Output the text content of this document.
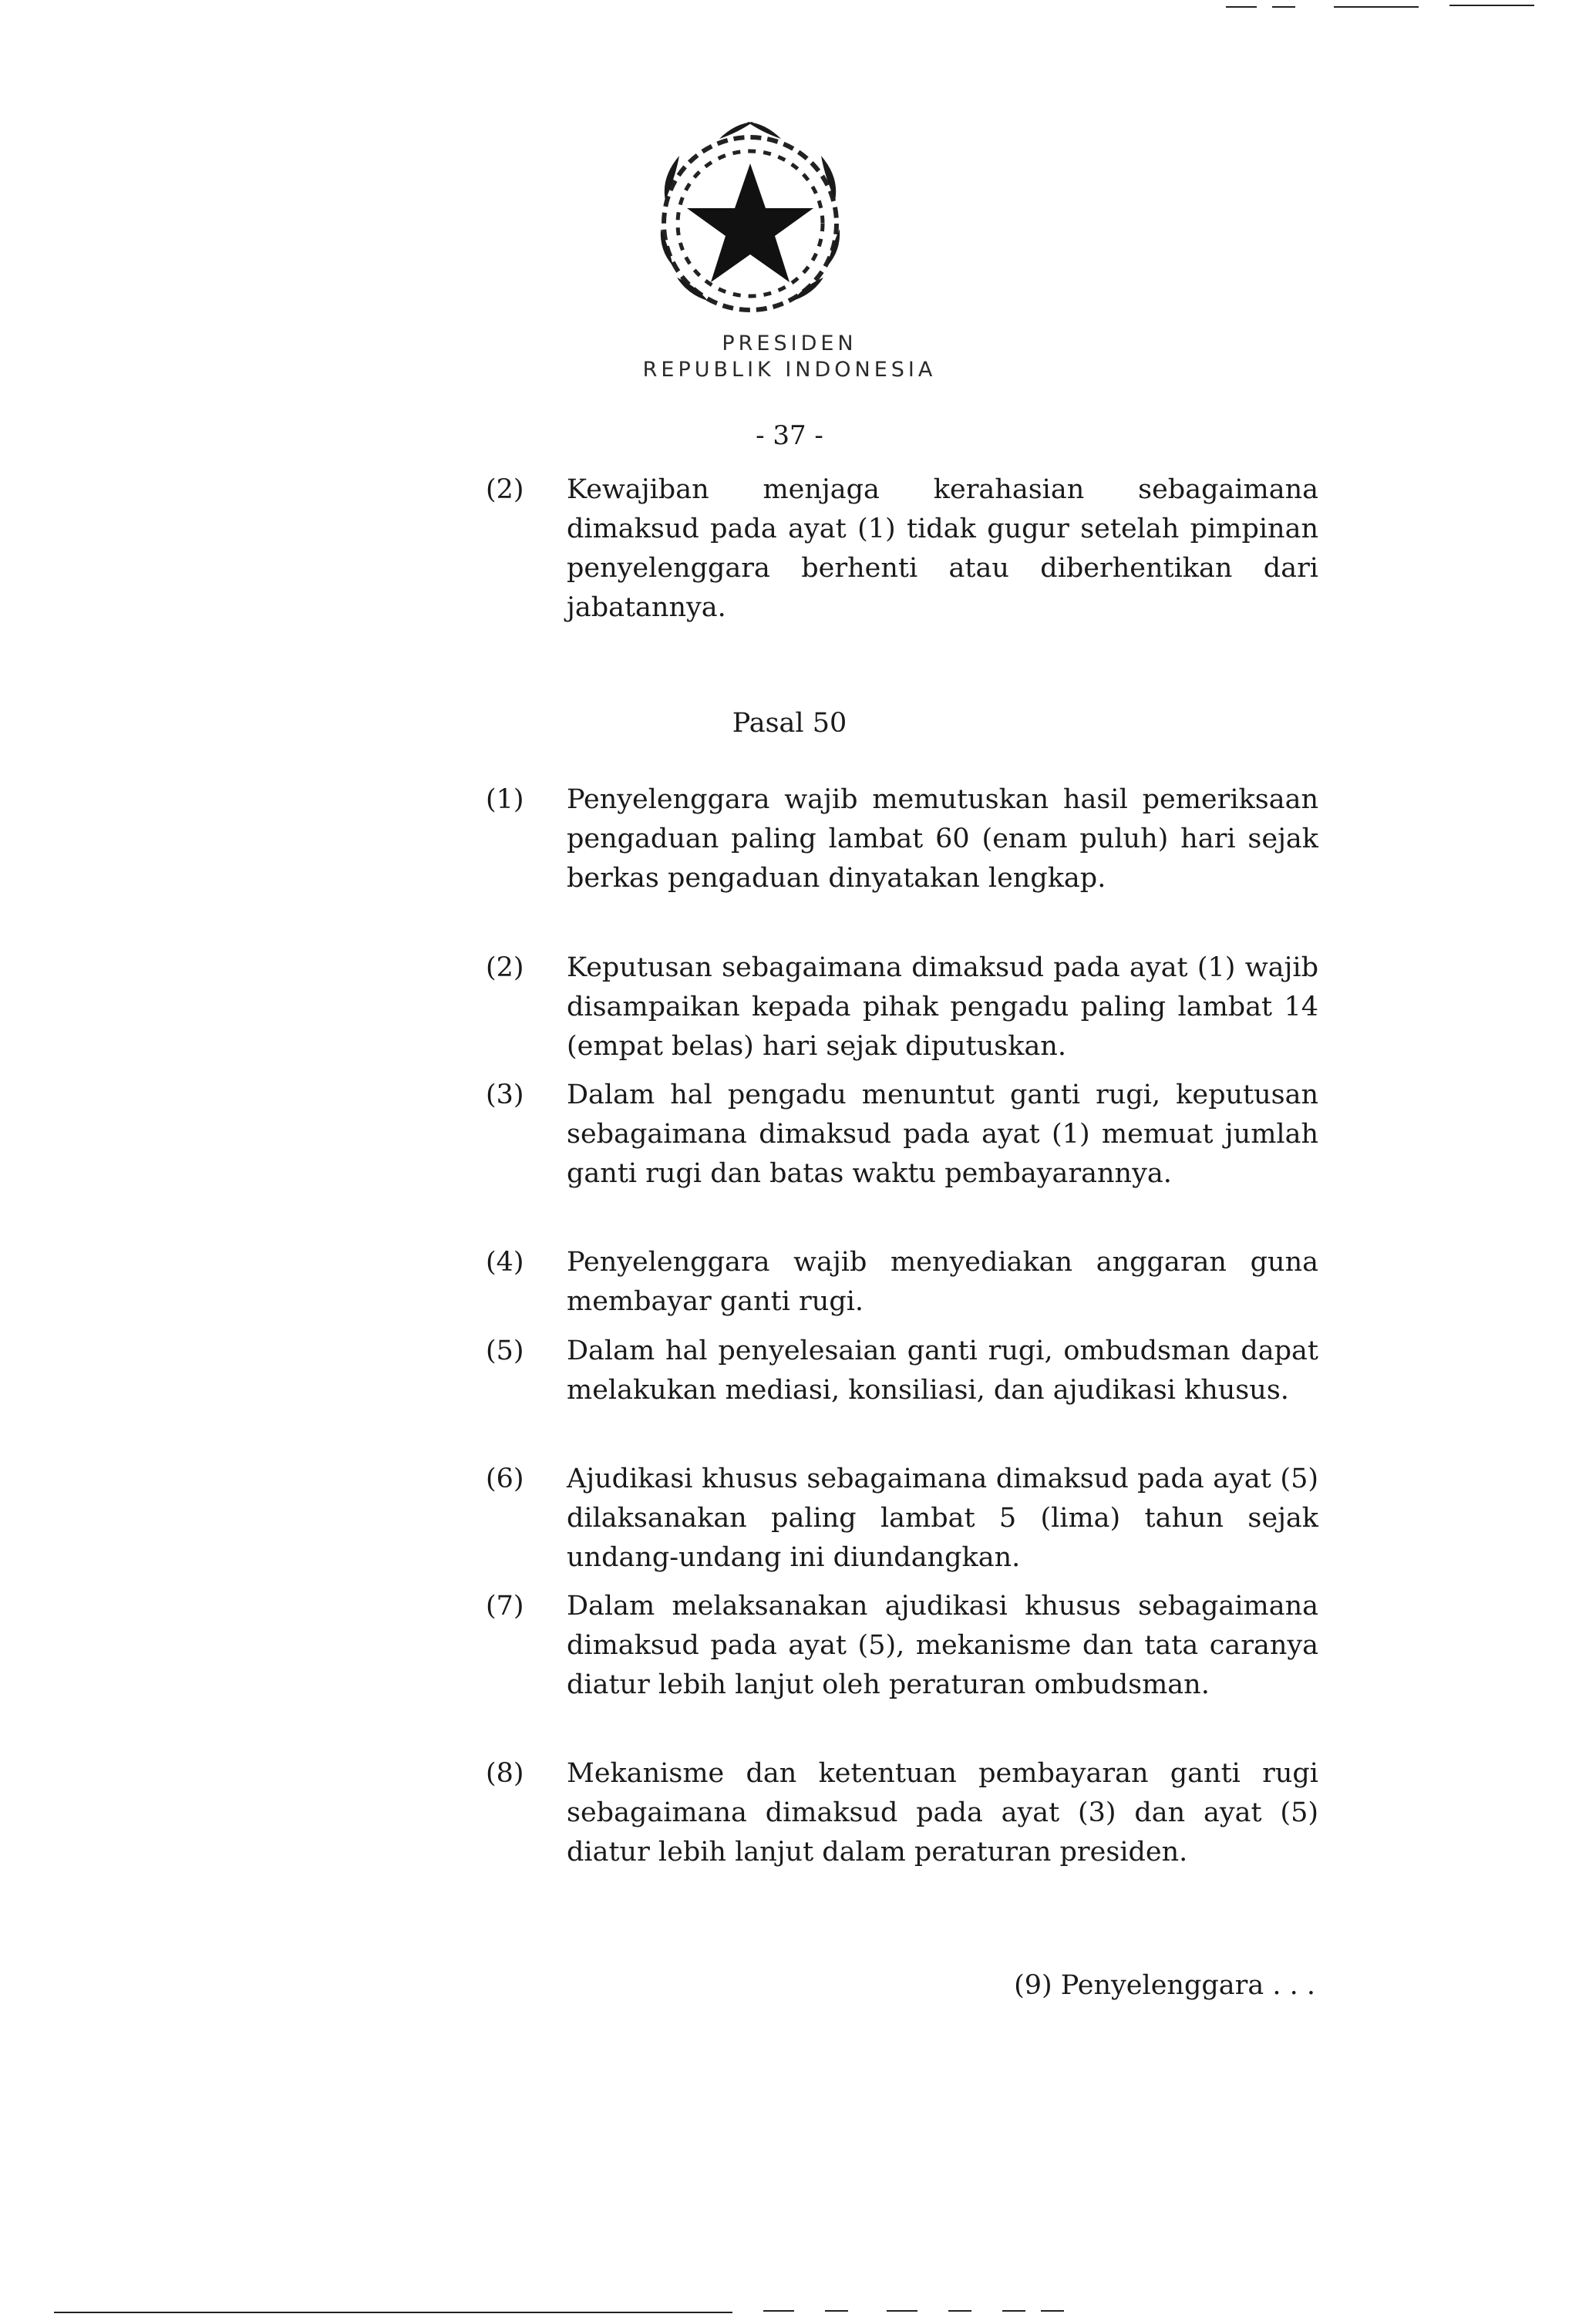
PRESIDEN
REPUBLIK INDONESIA
- 37 -
(2) Kewajiban menjaga kerahasian sebagaimana dimaksud pada ayat (1) tidak gugur setelah pimpinan penyelenggara berhenti atau diberhentikan dari jabatannya.
Pasal 50
(1) Penyelenggara wajib memutuskan hasil pemeriksaan pengaduan paling lambat 60 (enam puluh) hari sejak berkas pengaduan dinyatakan lengkap.
(2) Keputusan sebagaimana dimaksud pada ayat (1) wajib disampaikan kepada pihak pengadu paling lambat 14 (empat belas) hari sejak diputuskan.
(3) Dalam hal pengadu menuntut ganti rugi, keputusan sebagaimana dimaksud pada ayat (1) memuat jumlah ganti rugi dan batas waktu pembayarannya.
(4) Penyelenggara wajib menyediakan anggaran guna membayar ganti rugi.
(5) Dalam hal penyelesaian ganti rugi, ombudsman dapat melakukan mediasi, konsiliasi, dan ajudikasi khusus.
(6) Ajudikasi khusus sebagaimana dimaksud pada ayat (5) dilaksanakan paling lambat 5 (lima) tahun sejak undang-undang ini diundangkan.
(7) Dalam melaksanakan ajudikasi khusus sebagaimana dimaksud pada ayat (5), mekanisme dan tata caranya diatur lebih lanjut oleh peraturan ombudsman.
(8) Mekanisme dan ketentuan pembayaran ganti rugi sebagaimana dimaksud pada ayat (3) dan ayat (5) diatur lebih lanjut dalam peraturan presiden.
(9) Penyelenggara . . .
